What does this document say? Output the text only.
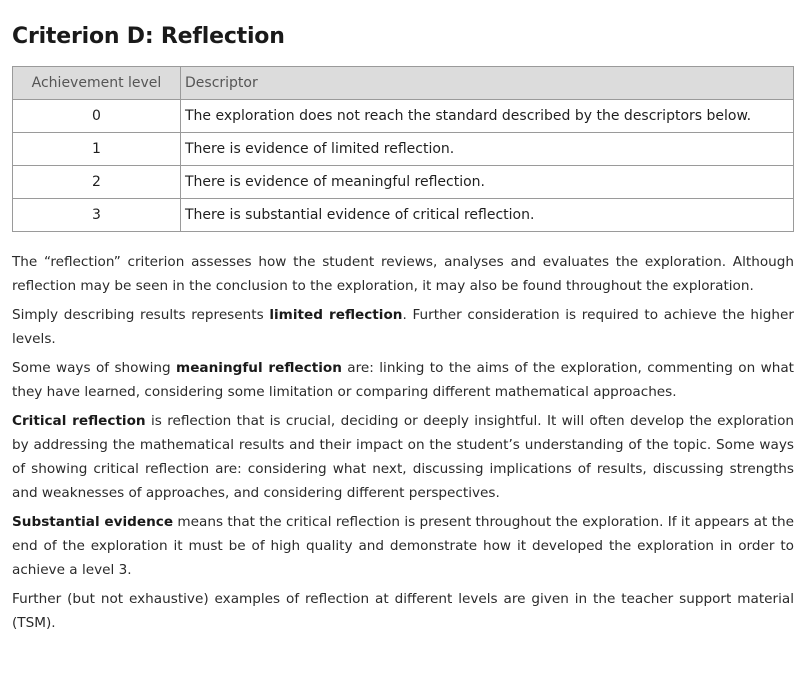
Criterion D: Reflection
Achievement level	Descriptor
0	The exploration does not reach the standard described by the descriptors below.
1	There is evidence of limited reflection.
2	There is evidence of meaningful reflection.
3	There is substantial evidence of critical reflection.

The “reflection” criterion assesses how the student reviews, analyses and evaluates the exploration. Although reflection may be seen in the conclusion to the exploration, it may also be found throughout the exploration.

Simply describing results represents limited reflection. Further consideration is required to achieve the higher levels.

Some ways of showing meaningful reflection are: linking to the aims of the exploration, commenting on what they have learned, considering some limitation or comparing different mathematical approaches.

Critical reflection is reflection that is crucial, deciding or deeply insightful. It will often develop the exploration by addressing the mathematical results and their impact on the student’s understanding of the topic. Some ways of showing critical reflection are: considering what next, discussing implications of results, discussing strengths and weaknesses of approaches, and considering different perspectives.

Substantial evidence means that the critical reflection is present throughout the exploration. If it appears at the end of the exploration it must be of high quality and demonstrate how it developed the exploration in order to achieve a level 3.

Further (but not exhaustive) examples of reflection at different levels are given in the teacher support material (TSM).
